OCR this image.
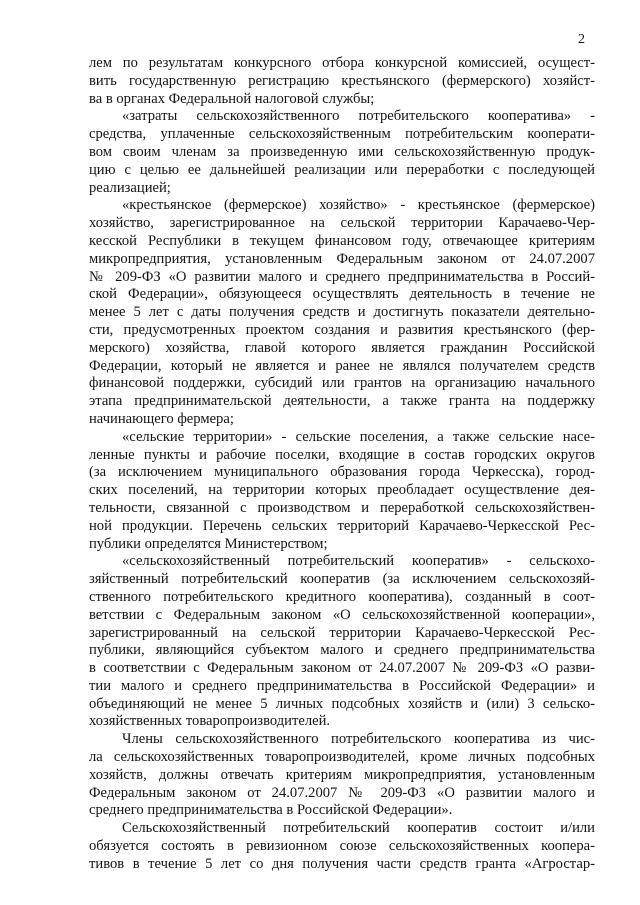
2
лем по результатам конкурсного отбора конкурсной комиссией, осущест-
вить государственную регистрацию крестьянского (фермерского) хозяйст-
ва в органах Федеральной налоговой службы;
«затраты сельскохозяйственного потребительского кооператива» -
средства, уплаченные сельскохозяйственным потребительским кооперати-
вом своим членам за произведенную ими сельскохозяйственную продук-
цию с целью ее дальнейшей реализации или переработки с последующей
реализацией;
«крестьянское (фермерское) хозяйство» - крестьянское (фермерское)
хозяйство, зарегистрированное на сельской территории Карачаево-Чер-
кесской Республики в текущем финансовом году, отвечающее критериям
микропредприятия, установленным Федеральным законом от 24.07.2007
№ 209-ФЗ «О развитии малого и среднего предпринимательства в Россий-
ской Федерации», обязующееся осуществлять деятельность в течение не
менее 5 лет с даты получения средств и достигнуть показатели деятельно-
сти, предусмотренных проектом создания и развития крестьянского (фер-
мерского) хозяйства, главой которого является гражданин Российской
Федерации, который не является и ранее не являлся получателем средств
финансовой поддержки, субсидий или грантов на организацию начального
этапа предпринимательской деятельности, а также гранта на поддержку
начинающего фермера;
«сельские территории» - сельские поселения, а также сельские насе-
ленные пункты и рабочие поселки, входящие в состав городских округов
(за исключением муниципального образования города Черкесска), город-
ских поселений, на территории которых преобладает осуществление дея-
тельности, связанной с производством и переработкой сельскохозяйствен-
ной продукции. Перечень сельских территорий Карачаево-Черкесской Рес-
публики определятся Министерством;
«сельскохозяйственный потребительский кооператив» - сельскохо-
зяйственный потребительский кооператив (за исключением сельскохозяй-
ственного потребительского кредитного кооператива), созданный в соот-
ветствии с Федеральным законом «О сельскохозяйственной кооперации»,
зарегистрированный на сельской территории Карачаево-Черкесской Рес-
публики, являющийся субъектом малого и среднего предпринимательства
в соответствии с Федеральным законом от 24.07.2007 № 209-ФЗ «О разви-
тии малого и среднего предпринимательства в Российской Федерации» и
объединяющий не менее 5 личных подсобных хозяйств и (или) 3 сельско-
хозяйственных товаропроизводителей.
Члены сельскохозяйственного потребительского кооператива из чис-
ла сельскохозяйственных товаропроизводителей, кроме личных подсобных
хозяйств, должны отвечать критериям микропредприятия, установленным
Федеральным законом от 24.07.2007 № 209-ФЗ «О развитии малого и
среднего предпринимательства в Российской Федерации».
Сельскохозяйственный потребительский кооператив состоит и/или
обязуется состоять в ревизионном союзе сельскохозяйственных коопера-
тивов в течение 5 лет со дня получения части средств гранта «Агростар-
